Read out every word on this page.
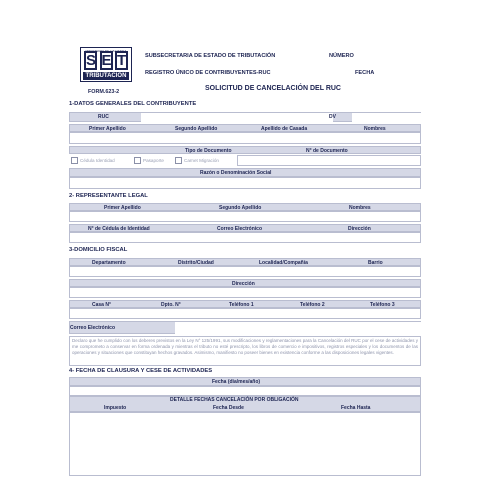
MINISTERIO DE HACIENDA
S E T
TRIBUTACIÓN
SUBSECRETARIA DE ESTADO DE TRIBUTACIÓN	NÚMERO
REGISTRO ÚNICO DE CONTRIBUYENTES-RUC	FECHA
FORM.623-2	SOLICITUD DE CANCELACIÓN DEL RUC
1-DATOS GENERALES DEL CONTRIBUYENTE
RUC	DV
Primer Apellido	Segundo Apellido	Apellido de Casada	Nombres
Tipo de Documento	N° de Documento
Cédula Identidad	Pasaporte	Carnet Migración
Razón o Denominación Social
2- REPRESENTANTE LEGAL
Primer Apellido	Segundo Apellido	Nombres
N° de Cédula de Identidad	Correo Electrónico	Dirección
3-DOMICILIO FISCAL
Departamento	Distrito/Ciudad	Localidad/Compañía	Barrio
Dirección
Casa N°	Dpto. N°	Teléfono 1	Teléfono 2	Teléfono 3
Correo Electrónico
Declaro que he cumplido con los deberes previstos en la Ley N° 125/1991, sus modificaciones y reglamentaciones para la Cancelación del RUC por el cese de actividades y me comprometo a conservar en forma ordenada y mientras el tributo no esté prescripto, los libros de comercio e impositivos, registros especiales y los documentos de las operaciones y situaciones que constituyan hechos gravados. Asimismo, manifiesto no poseer bienes en existencia conforme a las disposiciones legales vigentes.
4- FECHA DE CLAUSURA Y CESE DE ACTIVIDADES
Fecha (dia/mes/año)
DETALLE FECHAS CANCELACIÓN POR OBLIGACIÓN
Impuesto	Fecha Desde	Fecha Hasta
